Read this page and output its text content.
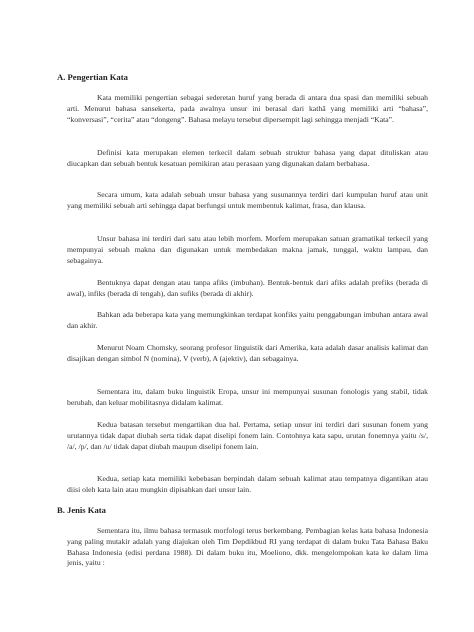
A. Pengertian Kata
Kata memiliki pengertian sebagai sederetan huruf yang berada di antara dua spasi dan memiliki sebuah arti. Menurut bahasa sansekerta, pada awalnya unsur ini berasal dari kathā yang memiliki arti “bahasa”, “konversasi”, “cerita” atau “dongeng”. Bahasa melayu tersebut dipersempit lagi sehingga menjadi “Kata”.
Definisi kata merupakan elemen terkecil dalam sebuah struktur bahasa yang dapat dituliskan atau diucapkan dan sebuah bentuk kesatuan pemikiran atau perasaan yang digunakan dalam berbahasa.
Secara umum, kata adalah sebuah unsur bahasa yang susunannya terdiri dari kumpulan huruf atau unit yang memiliki sebuah arti sehingga dapat berfungsi untuk membentuk kalimat, frasa, dan klausa.
Unsur bahasa ini terdiri dari satu atau lebih morfem. Morfem merupakan satuan gramatikal terkecil yang mempunyai sebuah makna dan digunakan untuk membedakan makna jamak, tunggal, waktu lampau, dan sebagainya.
Bentuknya dapat dengan atau tanpa afiks (imbuhan). Bentuk-bentuk dari afiks adalah prefiks (berada di awal), infiks (berada di tengah), dan sufiks (berada di akhir).
Bahkan ada beberapa kata yang memungkinkan terdapat konfiks yaitu penggabungan imbuhan antara awal dan akhir.
Menurut Noam Chomsky, seorang profesor linguistik dari Amerika, kata adalah dasar analisis kalimat dan disajikan dengan simbol N (nomina), V (verb), A (ajektiv), dan sebagainya.
Sementara itu, dalam buku linguistik Eropa, unsur ini mempunyai susunan fonologis yang stabil, tidak berubah, dan keluar mobilitasnya didalam kalimat.
Kedua batasan tersebut mengartikan dua hal. Pertama, setiap unsur ini terdiri dari susunan fonem yang urutannya tidak dapat diubah serta tidak dapat diselipi fonem lain. Contohnya kata sapu, urutan fonemnya yaitu /s/, /a/, /p/, dan /u/ tidak dapat diubah maupun diselipi fonem lain.
Kedua, setiap kata memiliki kebebasan berpindah dalam sebuah kalimat atau tempatnya digantikan atau diisi oleh kata lain atau mungkin dipisahkan dari unsur lain.
B. Jenis Kata
Sementara itu, ilmu bahasa termasuk morfologi terus berkembang. Pembagian kelas kata bahasa Indonesia yang paling mutakir adalah yang diajukan oleh Tim Depdikbud RI yang terdapat di dalam buku Tata Bahasa Baku Bahasa Indonesia (edisi perdana 1988). Di dalam buku itu, Moeliono, dkk. mengelompokan kata ke dalam lima jenis, yaitu :
